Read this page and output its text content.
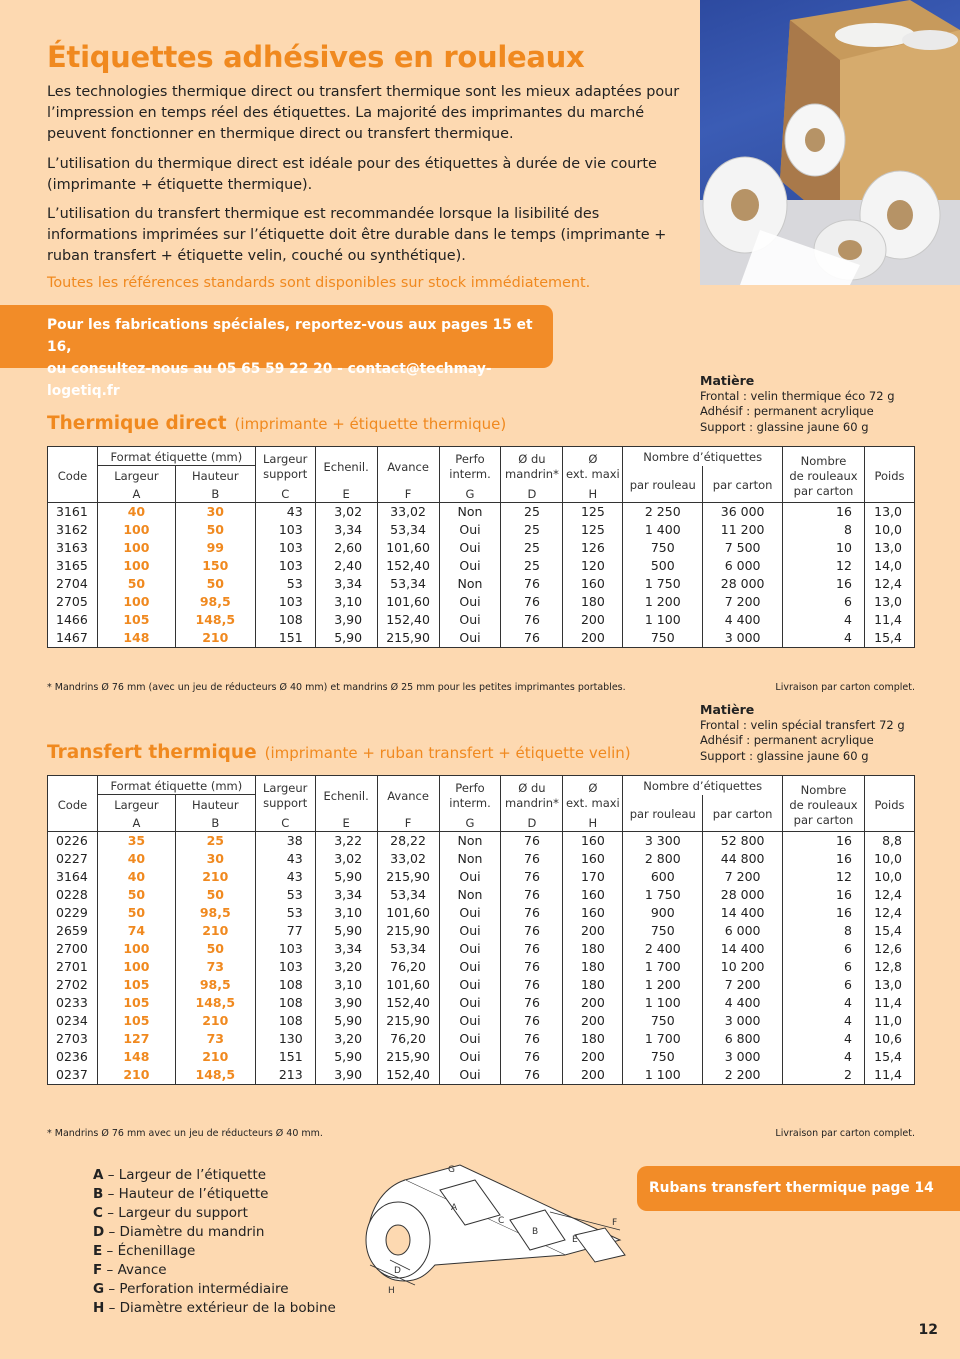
Étiquettes adhésives en rouleaux

Les technologies thermique direct ou transfert thermique sont les mieux adaptées pour l’impression en temps réel des étiquettes. La majorité des imprimantes du marché peuvent fonctionner en thermique direct ou transfert thermique.

L’utilisation du thermique direct est idéale pour des étiquettes à durée de vie courte (imprimante + étiquette thermique).

L’utilisation du transfert thermique est recommandée lorsque la lisibilité des informations imprimées sur l’étiquette doit être durable dans le temps (imprimante + ruban transfert + étiquette velin, couché ou synthétique).

Toutes les références standards sont disponibles sur stock immédiatement.
Pour les fabrications spéciales, reportez-vous aux pages 15 et 16,
ou consultez-nous au 05 65 59 22 20 - contact@techmay-logetiq.fr
Matière
Frontal : velin thermique éco 72 g
Adhésif : permanent acrylique
Support : glassine jaune 60 g
Thermique direct (imprimante + étiquette thermique)
Code	Format étiquette (mm)		Largeur
support	Echenil.	Avance	Perfo
interm.	Ø du
mandrin*	Ø
ext. maxi	Nombre d’étiquettes		Nombre
de rouleaux
par carton	Poids
	Largeur	Hauteur							par rouleau	par carton		
	A	B	C	E	F	G	D	H				
3161	40	30	43	3,02	33,02	Non	25	125	2 250	36 000	16	13,0
3162	100	50	103	3,34	53,34	Oui	25	125	1 400	11 200	8	10,0
3163	100	99	103	2,60	101,60	Oui	25	126	750	7 500	10	13,0
3165	100	150	103	2,40	152,40	Oui	25	120	500	6 000	12	14,0
2704	50	50	53	3,34	53,34	Non	76	160	1 750	28 000	16	12,4
2705	100	98,5	103	3,10	101,60	Oui	76	180	1 200	7 200	6	13,0
1466	105	148,5	108	3,90	152,40	Oui	76	200	1 100	4 400	4	11,4
1467	148	210	151	5,90	215,90	Oui	76	200	750	3 000	4	15,4
* Mandrins Ø 76 mm (avec un jeu de réducteurs Ø 40 mm) et mandrins Ø 25 mm pour les petites imprimantes portables.	Livraison par carton complet.
Matière
Frontal : velin spécial transfert 72 g
Adhésif : permanent acrylique
Support : glassine jaune 60 g
Transfert thermique (imprimante + ruban transfert + étiquette velin)
Code	Format étiquette (mm)		Largeur
support	Echenil.	Avance	Perfo
interm.	Ø du
mandrin*	Ø
ext. maxi	Nombre d’étiquettes		Nombre
de rouleaux
par carton	Poids
	Largeur	Hauteur							par rouleau	par carton		
	A	B	C	E	F	G	D	H				
0226	35	25	38	3,22	28,22	Non	76	160	3 300	52 800	16	8,8
0227	40	30	43	3,02	33,02	Non	76	160	2 800	44 800	16	10,0
3164	40	210	43	5,90	215,90	Oui	76	170	600	7 200	12	10,0
0228	50	50	53	3,34	53,34	Non	76	160	1 750	28 000	16	12,4
0229	50	98,5	53	3,10	101,60	Oui	76	160	900	14 400	16	12,4
2659	74	210	77	5,90	215,90	Oui	76	200	750	6 000	8	15,4
2700	100	50	103	3,34	53,34	Oui	76	180	2 400	14 400	6	12,6
2701	100	73	103	3,20	76,20	Oui	76	180	1 700	10 200	6	12,8
2702	105	98,5	108	3,10	101,60	Oui	76	180	1 200	7 200	6	13,0
0233	105	148,5	108	3,90	152,40	Oui	76	200	1 100	4 400	4	11,4
0234	105	210	108	5,90	215,90	Oui	76	200	750	3 000	4	11,0
2703	127	73	130	3,20	76,20	Oui	76	180	1 700	6 800	4	10,6
0236	148	210	151	5,90	215,90	Oui	76	200	750	3 000	4	15,4
0237	210	148,5	213	3,90	152,40	Oui	76	200	1 100	2 200	2	11,4
* Mandrins Ø 76 mm avec un jeu de réducteurs Ø 40 mm.	Livraison par carton complet.
A – Largeur de l’étiquette
B – Hauteur de l’étiquette
C – Largeur du support
D – Diamètre du mandrin
E – Échenillage
F – Avance
G – Perforation intermédiaire
H – Diamètre extérieur de la bobine
G
A
C
B
E
F
D
H
Rubans transfert thermique page 14
12
